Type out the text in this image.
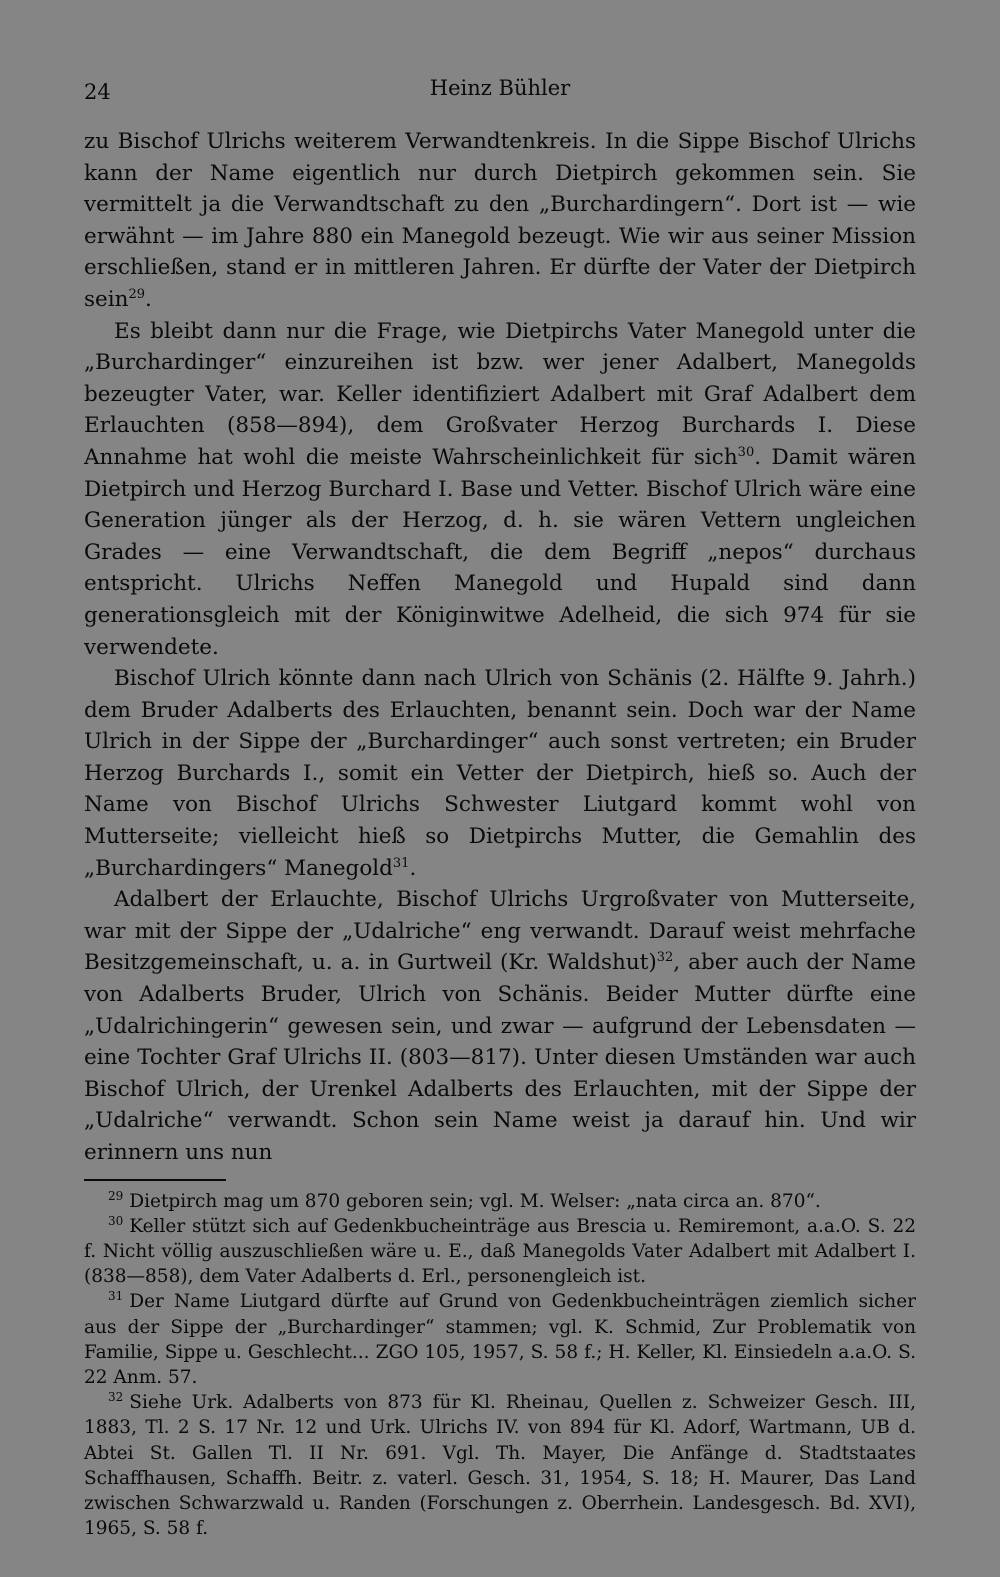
24	Heinz Bühler

zu Bischof Ulrichs weiterem Verwandtenkreis. In die Sippe Bischof Ulrichs kann der Name eigentlich nur durch Dietpirch gekommen sein. Sie vermittelt ja die Verwandtschaft zu den „Burchardingern“. Dort ist — wie erwähnt — im Jahre 880 ein Manegold bezeugt. Wie wir aus seiner Mission erschließen, stand er in mittleren Jahren. Er dürfte der Vater der Dietpirch sein$^{29}$.

Es bleibt dann nur die Frage, wie Dietpirchs Vater Manegold unter die „Burchardinger“ einzureihen ist bzw. wer jener Adalbert, Manegolds bezeugter Vater, war. Keller identifiziert Adalbert mit Graf Adalbert dem Erlauchten (858—894), dem Großvater Herzog Burchards I. Diese Annahme hat wohl die meiste Wahrscheinlichkeit für sich$^{30}$. Damit wären Dietpirch und Herzog Burchard I. Base und Vetter. Bischof Ulrich wäre eine Generation jünger als der Herzog, d. h. sie wären Vettern ungleichen Grades — eine Verwandtschaft, die dem Begriff „nepos“ durchaus entspricht. Ulrichs Neffen Manegold und Hupald sind dann generationsgleich mit der Königinwitwe Adelheid, die sich 974 für sie verwendete.

Bischof Ulrich könnte dann nach Ulrich von Schänis (2. Hälfte 9. Jahrh.) dem Bruder Adalberts des Erlauchten, benannt sein. Doch war der Name Ulrich in der Sippe der „Burchardinger“ auch sonst vertreten; ein Bruder Herzog Burchards I., somit ein Vetter der Dietpirch, hieß so. Auch der Name von Bischof Ulrichs Schwester Liutgard kommt wohl von Mutterseite; vielleicht hieß so Dietpirchs Mutter, die Gemahlin des „Burchardingers“ Manegold$^{31}$.

Adalbert der Erlauchte, Bischof Ulrichs Urgroßvater von Mutterseite, war mit der Sippe der „Udalriche“ eng verwandt. Darauf weist mehrfache Besitzgemeinschaft, u. a. in Gurtweil (Kr. Waldshut)$^{32}$, aber auch der Name von Adalberts Bruder, Ulrich von Schänis. Beider Mutter dürfte eine „Udalrichingerin“ gewesen sein, und zwar — aufgrund der Lebensdaten — eine Tochter Graf Ulrichs II. (803—817). Unter diesen Umständen war auch Bischof Ulrich, der Urenkel Adalberts des Erlauchten, mit der Sippe der „Udalriche“ verwandt. Schon sein Name weist ja darauf hin. Und wir erinnern uns nun

$^{29}$ Dietpirch mag um 870 geboren sein; vgl. M. Welser: „nata circa an. 870“.

$^{30}$ Keller stützt sich auf Gedenkbucheinträge aus Brescia u. Remiremont, a.a.O. S. 22 f. Nicht völlig auszuschließen wäre u. E., daß Manegolds Vater Adalbert mit Adalbert I. (838—858), dem Vater Adalberts d. Erl., personengleich ist.

$^{31}$ Der Name Liutgard dürfte auf Grund von Gedenkbucheinträgen ziemlich sicher aus der Sippe der „Burchardinger“ stammen; vgl. K. Schmid, Zur Problematik von Familie, Sippe u. Geschlecht... ZGO 105, 1957, S. 58 f.; H. Keller, Kl. Einsiedeln a.a.O. S. 22 Anm. 57.

$^{32}$ Siehe Urk. Adalberts von 873 für Kl. Rheinau, Quellen z. Schweizer Gesch. III, 1883, Tl. 2 S. 17 Nr. 12 und Urk. Ulrichs IV. von 894 für Kl. Adorf, Wartmann, UB d. Abtei St. Gallen Tl. II Nr. 691. Vgl. Th. Mayer, Die Anfänge d. Stadtstaates Schaffhausen, Schaffh. Beitr. z. vaterl. Gesch. 31, 1954, S. 18; H. Maurer, Das Land zwischen Schwarzwald u. Randen (Forschungen z. Oberrhein. Landesgesch. Bd. XVI), 1965, S. 58 f.
